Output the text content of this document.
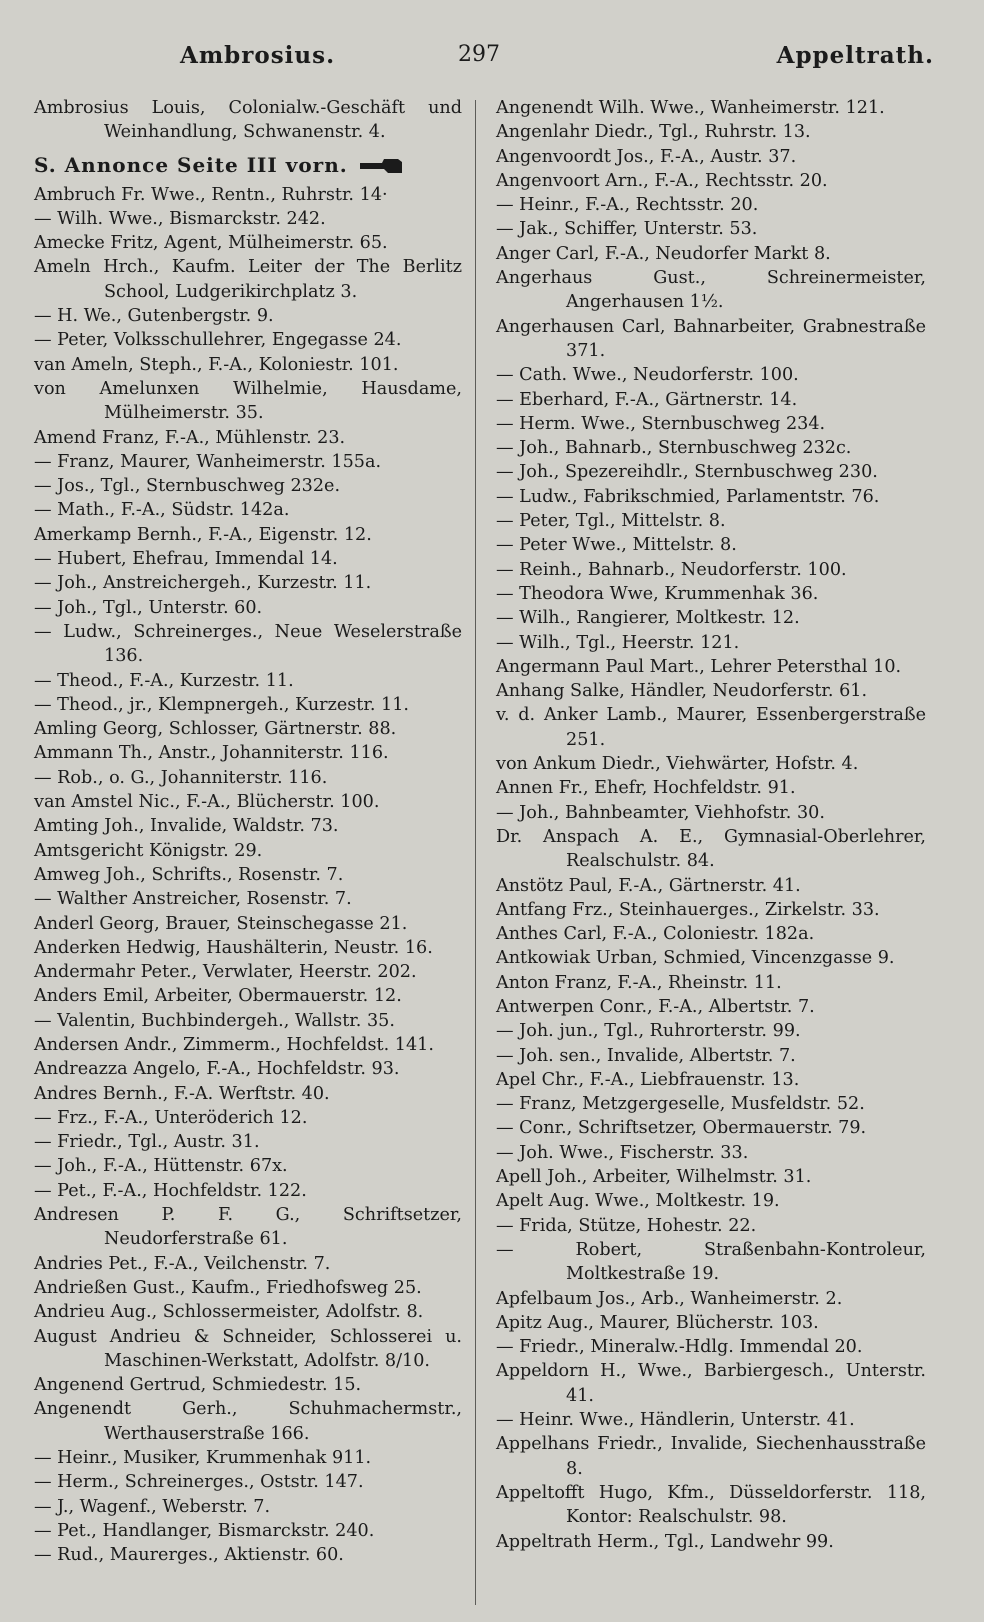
Ambrosius.	297	Appeltrath.
Ambrosius Louis, Colonialw.-Geschäft und Weinhandlung, Schwanenstr. 4.
S. Annonce Seite III vorn.
Ambruch Fr. Wwe., Rentn., Ruhrstr. 14·
— Wilh. Wwe., Bismarckstr. 242.
Amecke Fritz, Agent, Mülheimerstr. 65.
Ameln Hrch., Kaufm. Leiter der The Berlitz School, Ludgerikirchplatz 3.
— H. We., Gutenbergstr. 9.
— Peter, Volksschullehrer, Engegasse 24.
van Ameln, Steph., F.-A., Koloniestr. 101.
von Amelunxen Wilhelmie, Hausdame, Mülheimerstr. 35.
Amend Franz, F.-A., Mühlenstr. 23.
— Franz, Maurer, Wanheimerstr. 155a.
— Jos., Tgl., Sternbuschweg 232e.
— Math., F.-A., Südstr. 142a.
Amerkamp Bernh., F.-A., Eigenstr. 12.
— Hubert, Ehefrau, Immendal 14.
— Joh., Anstreichergeh., Kurzestr. 11.
— Joh., Tgl., Unterstr. 60.
— Ludw., Schreinerges., Neue Weselerstraße 136.
— Theod., F.-A., Kurzestr. 11.
— Theod., jr., Klempnergeh., Kurzestr. 11.
Amling Georg, Schlosser, Gärtnerstr. 88.
Ammann Th., Anstr., Johanniterstr. 116.
— Rob., o. G., Johanniterstr. 116.
van Amstel Nic., F.-A., Blücherstr. 100.
Amting Joh., Invalide, Waldstr. 73.
Amtsgericht Königstr. 29.
Amweg Joh., Schrifts., Rosenstr. 7.
— Walther Anstreicher, Rosenstr. 7.
Anderl Georg, Brauer, Steinschegasse 21.
Anderken Hedwig, Haushälterin, Neustr. 16.
Andermahr Peter., Verwlater, Heerstr. 202.
Anders Emil, Arbeiter, Obermauerstr. 12.
— Valentin, Buchbindergeh., Wallstr. 35.
Andersen Andr., Zimmerm., Hochfeldst. 141.
Andreazza Angelo, F.-A., Hochfeldstr. 93.
Andres Bernh., F.-A. Werftstr. 40.
— Frz., F.-A., Unteröderich 12.
— Friedr., Tgl., Austr. 31.
— Joh., F.-A., Hüttenstr. 67x.
— Pet., F.-A., Hochfeldstr. 122.
Andresen P. F. G., Schriftsetzer, Neudorferstraße 61.
Andries Pet., F.-A., Veilchenstr. 7.
Andrießen Gust., Kaufm., Friedhofsweg 25.
Andrieu Aug., Schlossermeister, Adolfstr. 8.
August Andrieu & Schneider, Schlosserei u. Maschinen-Werkstatt, Adolfstr. 8/10.
Angenend Gertrud, Schmiedestr. 15.
Angenendt Gerh., Schuhmachermstr., Werthauserstraße 166.
— Heinr., Musiker, Krummenhak 911.
— Herm., Schreinerges., Oststr. 147.
— J., Wagenf., Weberstr. 7.
— Pet., Handlanger, Bismarckstr. 240.
— Rud., Maurerges., Aktienstr. 60.
Angenendt Wilh. Wwe., Wanheimerstr. 121.
Angenlahr Diedr., Tgl., Ruhrstr. 13.
Angenvoordt Jos., F.-A., Austr. 37.
Angenvoort Arn., F.-A., Rechtsstr. 20.
— Heinr., F.-A., Rechtsstr. 20.
— Jak., Schiffer, Unterstr. 53.
Anger Carl, F.-A., Neudorfer Markt 8.
Angerhaus Gust., Schreinermeister, Angerhausen 1½.
Angerhausen Carl, Bahnarbeiter, Grabnestraße 371.
— Cath. Wwe., Neudorferstr. 100.
— Eberhard, F.-A., Gärtnerstr. 14.
— Herm. Wwe., Sternbuschweg 234.
— Joh., Bahnarb., Sternbuschweg 232c.
— Joh., Spezereihdlr., Sternbuschweg 230.
— Ludw., Fabrikschmied, Parlamentstr. 76.
— Peter, Tgl., Mittelstr. 8.
— Peter Wwe., Mittelstr. 8.
— Reinh., Bahnarb., Neudorferstr. 100.
— Theodora Wwe, Krummenhak 36.
— Wilh., Rangierer, Moltkestr. 12.
— Wilh., Tgl., Heerstr. 121.
Angermann Paul Mart., Lehrer Petersthal 10.
Anhang Salke, Händler, Neudorferstr. 61.
v. d. Anker Lamb., Maurer, Essenbergerstraße 251.
von Ankum Diedr., Viehwärter, Hofstr. 4.
Annen Fr., Ehefr, Hochfeldstr. 91.
— Joh., Bahnbeamter, Viehhofstr. 30.
Dr. Anspach A. E., Gymnasial-Oberlehrer, Realschulstr. 84.
Anstötz Paul, F.-A., Gärtnerstr. 41.
Antfang Frz., Steinhauerges., Zirkelstr. 33.
Anthes Carl, F.-A., Coloniestr. 182a.
Antkowiak Urban, Schmied, Vincenzgasse 9.
Anton Franz, F.-A., Rheinstr. 11.
Antwerpen Conr., F.-A., Albertstr. 7.
— Joh. jun., Tgl., Ruhrorterstr. 99.
— Joh. sen., Invalide, Albertstr. 7.
Apel Chr., F.-A., Liebfrauenstr. 13.
— Franz, Metzgergeselle, Musfeldstr. 52.
— Conr., Schriftsetzer, Obermauerstr. 79.
— Joh. Wwe., Fischerstr. 33.
Apell Joh., Arbeiter, Wilhelmstr. 31.
Apelt Aug. Wwe., Moltkestr. 19.
— Frida, Stütze, Hohestr. 22.
— Robert, Straßenbahn-Kontroleur, Moltkestraße 19.
Apfelbaum Jos., Arb., Wanheimerstr. 2.
Apitz Aug., Maurer, Blücherstr. 103.
— Friedr., Mineralw.-Hdlg. Immendal 20.
Appeldorn H., Wwe., Barbiergesch., Unterstr. 41.
— Heinr. Wwe., Händlerin, Unterstr. 41.
Appelhans Friedr., Invalide, Siechenhausstraße 8.
Appeltofft Hugo, Kfm., Düsseldorferstr. 118, Kontor: Realschulstr. 98.
Appeltrath Herm., Tgl., Landwehr 99.
